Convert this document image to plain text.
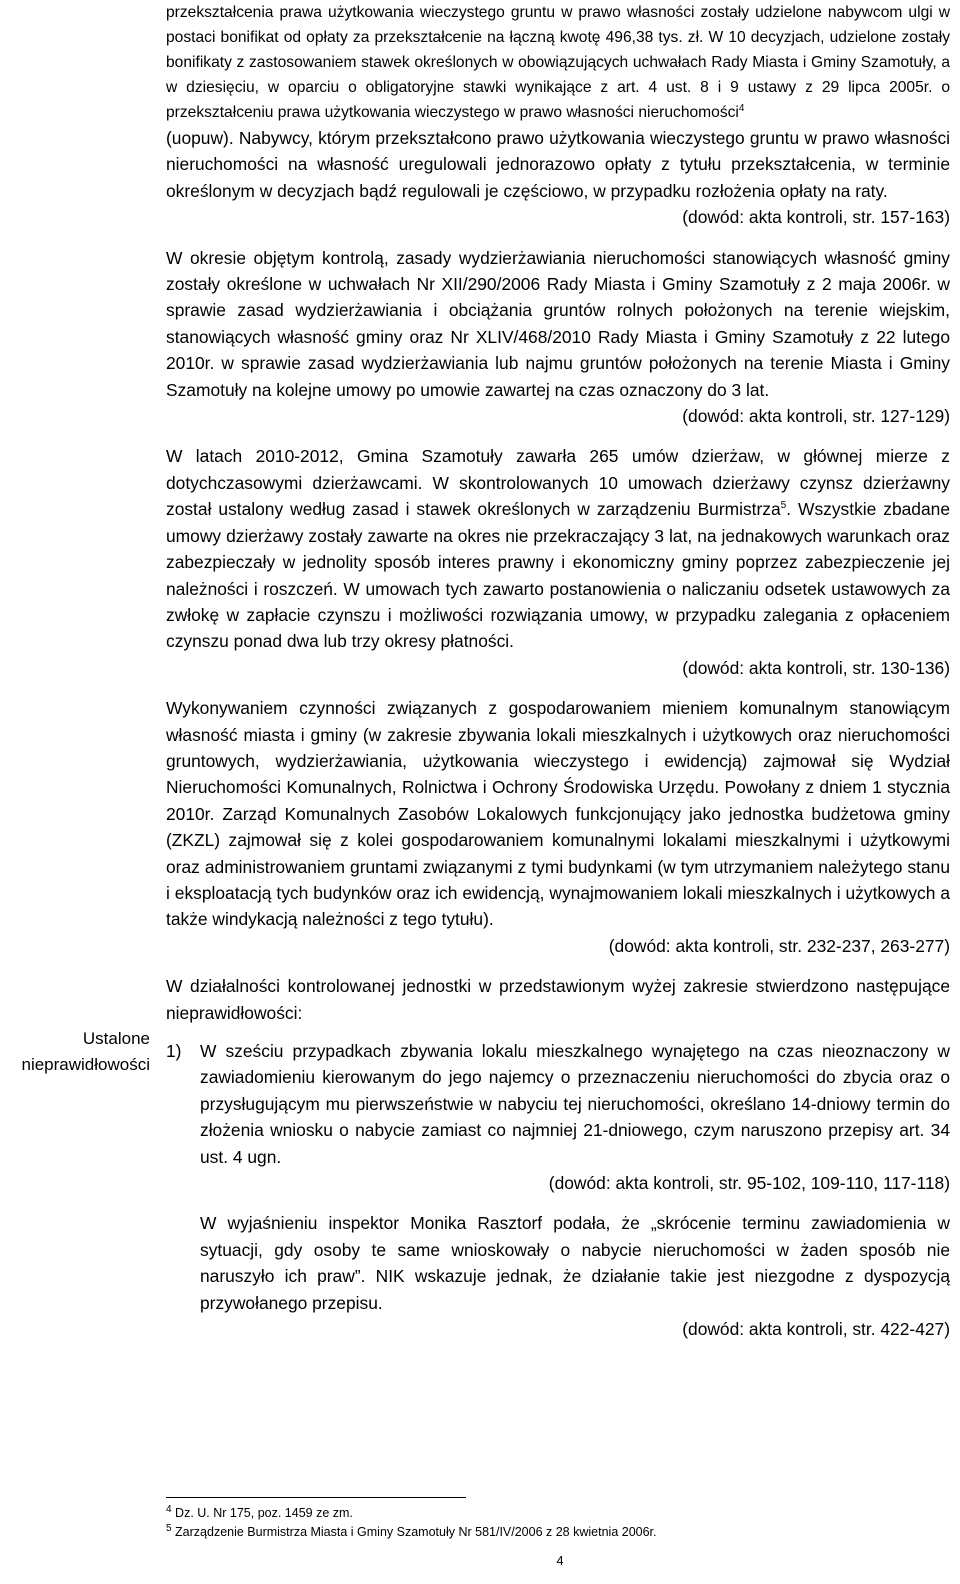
Ustalone nieprawidłowości

przekształcenia prawa użytkowania wieczystego gruntu w prawo własności zostały udzielone nabywcom ulgi w postaci bonifikat od opłaty za przekształcenie na łączną kwotę 496,38 tys. zł. W 10 decyzjach, udzielone zostały bonifikaty z zastosowaniem stawek określonych w obowiązujących uchwałach Rady Miasta i Gminy Szamotuły, a w dziesięciu, w oparciu o obligatoryjne stawki wynikające z art. 4 ust. 8 i 9 ustawy z 29 lipca 2005r. o przekształceniu prawa użytkowania wieczystego w prawo własności nieruchomości$^4$

(uopuw). Nabywcy, którym przekształcono prawo użytkowania wieczystego gruntu w prawo własności nieruchomości na własność uregulowali jednorazowo opłaty z tytułu przekształcenia, w terminie określonym w decyzjach bądź regulowali je częściowo, w przypadku rozłożenia opłaty na raty.

(dowód: akta kontroli, str. 157-163)

W okresie objętym kontrolą, zasady wydzierżawiania nieruchomości stanowiących własność gminy zostały określone w uchwałach Nr XII/290/2006 Rady Miasta i Gminy Szamotuły z 2 maja 2006r. w sprawie zasad wydzierżawiania i obciążania gruntów rolnych położonych na terenie wiejskim, stanowiących własność gminy oraz Nr XLIV/468/2010 Rady Miasta i Gminy Szamotuły z 22 lutego 2010r. w sprawie zasad wydzierżawiania lub najmu gruntów położonych na terenie Miasta i Gminy Szamotuły na kolejne umowy po umowie zawartej na czas oznaczony do 3 lat.

(dowód: akta kontroli, str. 127-129)

W latach 2010-2012, Gmina Szamotuły zawarła 265 umów dzierżaw, w głównej mierze z dotychczasowymi dzierżawcami. W skontrolowanych 10 umowach dzierżawy czynsz dzierżawny został ustalony według zasad i stawek określonych w zarządzeniu Burmistrza$^5$. Wszystkie zbadane umowy dzierżawy zostały zawarte na okres nie przekraczający 3 lat, na jednakowych warunkach oraz zabezpieczały w jednolity sposób interes prawny i ekonomiczny gminy poprzez zabezpieczenie jej należności i roszczeń. W umowach tych zawarto postanowienia o naliczaniu odsetek ustawowych za zwłokę w zapłacie czynszu i możliwości rozwiązania umowy, w przypadku zalegania z opłaceniem czynszu ponad dwa lub trzy okresy płatności.

(dowód: akta kontroli, str. 130-136)

Wykonywaniem czynności związanych z gospodarowaniem mieniem komunalnym stanowiącym własność miasta i gminy (w zakresie zbywania lokali mieszkalnych i użytkowych oraz nieruchomości gruntowych, wydzierżawiania, użytkowania wieczystego i ewidencją) zajmował się Wydział Nieruchomości Komunalnych, Rolnictwa i Ochrony Środowiska Urzędu. Powołany z dniem 1 stycznia 2010r. Zarząd Komunalnych Zasobów Lokalowych funkcjonujący jako jednostka budżetowa gminy (ZKZL) zajmował się z kolei gospodarowaniem komunalnymi lokalami mieszkalnymi i użytkowymi oraz administrowaniem gruntami związanymi z tymi budynkami (w tym utrzymaniem należytego stanu i eksploatacją tych budynków oraz ich ewidencją, wynajmowaniem lokali mieszkalnych i użytkowych a także windykacją należności z tego tytułu).

(dowód: akta kontroli, str. 232-237, 263-277)

W działalności kontrolowanej jednostki w przedstawionym wyżej zakresie stwierdzono następujące nieprawidłowości:

1) W sześciu przypadkach zbywania lokalu mieszkalnego wynajętego na czas nieoznaczony w zawiadomieniu kierowanym do jego najemcy o przeznaczeniu nieruchomości do zbycia oraz o przysługującym mu pierwszeństwie w nabyciu tej nieruchomości, określano 14-dniowy termin do złożenia wniosku o nabycie zamiast co najmniej 21-dniowego, czym naruszono przepisy art. 34 ust. 4 ugn.

(dowód: akta kontroli, str. 95-102, 109-110, 117-118)

W wyjaśnieniu inspektor Monika Rasztorf podała, że „skrócenie terminu zawiadomienia w sytuacji, gdy osoby te same wnioskowały o nabycie nieruchomości w żaden sposób nie naruszyło ich praw”. NIK wskazuje jednak, że działanie takie jest niezgodne z dyspozycją przywołanego przepisu.

(dowód: akta kontroli, str. 422-427)

$^4$ Dz. U. Nr 175, poz. 1459 ze zm.

$^5$ Zarządzenie Burmistrza Miasta i Gminy Szamotuły Nr 581/IV/2006 z 28 kwietnia 2006r.

4
